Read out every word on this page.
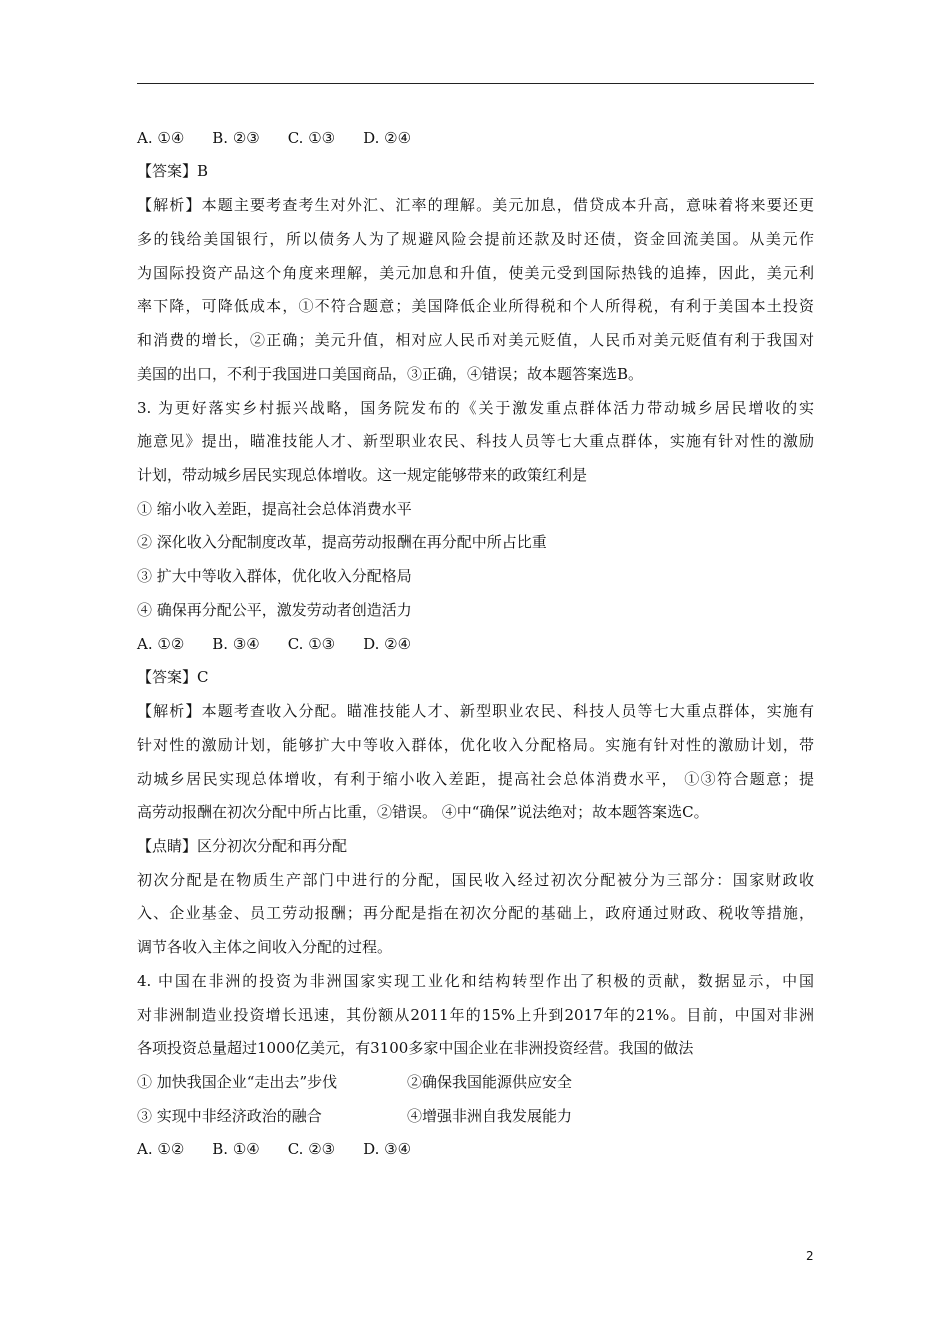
A. ①④ B. ②③ C. ①③ D. ②④
【答案】B
【解析】本题主要考查考生对外汇、汇率的理解。美元加息，借贷成本升高，意味着将来要还更
多的钱给美国银行，所以债务人为了规避风险会提前还款及时还债，资金回流美国。从美元作
为国际投资产品这个角度来理解，美元加息和升值，使美元受到国际热钱的追捧，因此，美元利
率下降，可降低成本，①不符合题意；美国降低企业所得税和个人所得税，有利于美国本土投资
和消费的增长，②正确；美元升值，相对应人民币对美元贬值，人民币对美元贬值有利于我国对
美国的出口，不利于我国进口美国商品，③正确，④错误；故本题答案选B。
3. 为更好落实乡村振兴战略，国务院发布的《关于激发重点群体活力带动城乡居民增收的实
施意见》提出，瞄准技能人才、新型职业农民、科技人员等七大重点群体，实施有针对性的激励
计划，带动城乡居民实现总体增收。这一规定能够带来的政策红利是
① 缩小收入差距，提高社会总体消费水平
② 深化收入分配制度改革，提高劳动报酬在再分配中所占比重
③ 扩大中等收入群体，优化收入分配格局
④ 确保再分配公平，激发劳动者创造活力
A. ①② B. ③④ C. ①③ D. ②④
【答案】C
【解析】本题考查收入分配。瞄准技能人才、新型职业农民、科技人员等七大重点群体，实施有
针对性的激励计划，能够扩大中等收入群体，优化收入分配格局。实施有针对性的激励计划，带
动城乡居民实现总体增收，有利于缩小收入差距，提高社会总体消费水平， ①③符合题意；提
高劳动报酬在初次分配中所占比重，②错误。 ④中“确保”说法绝对；故本题答案选C。
【点睛】区分初次分配和再分配
初次分配是在物质生产部门中进行的分配，国民收入经过初次分配被分为三部分：国家财政收
入、企业基金、员工劳动报酬；再分配是指在初次分配的基础上，政府通过财政、税收等措施，
调节各收入主体之间收入分配的过程。
4. 中国在非洲的投资为非洲国家实现工业化和结构转型作出了积极的贡献，数据显示，中国
对非洲制造业投资增长迅速，其份额从2011年的15%上升到2017年的21%。目前，中国对非洲
各项投资总量超过1000亿美元，有3100多家中国企业在非洲投资经营。我国的做法
① 加快我国企业“走出去”步伐	②确保我国能源供应安全
③ 实现中非经济政治的融合	④增强非洲自我发展能力
A. ①② B. ①④ C. ②③ D. ③④
2
